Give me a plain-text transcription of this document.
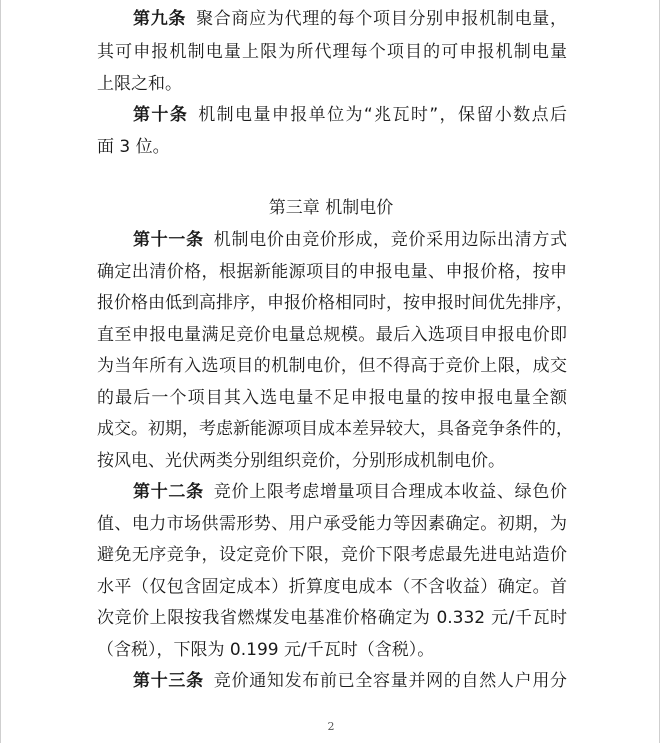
第九条 聚合商应为代理的每个项目分别申报机制电量，
其可申报机制电量上限为所代理每个项目的可申报机制电量
上限之和。
第十条 机制电量申报单位为“兆瓦时”，保留小数点后
面 3 位。
第三章 机制电价
第十一条 机制电价由竞价形成，竞价采用边际出清方式
确定出清价格，根据新能源项目的申报电量、申报价格，按申
报价格由低到高排序，申报价格相同时，按申报时间优先排序，
直至申报电量满足竞价电量总规模。最后入选项目申报电价即
为当年所有入选项目的机制电价，但不得高于竞价上限，成交
的最后一个项目其入选电量不足申报电量的按申报电量全额
成交。初期，考虑新能源项目成本差异较大，具备竞争条件的，
按风电、光伏两类分别组织竞价，分别形成机制电价。
第十二条 竞价上限考虑增量项目合理成本收益、绿色价
值、电力市场供需形势、用户承受能力等因素确定。初期，为
避免无序竞争，设定竞价下限，竞价下限考虑最先进电站造价
水平（仅包含固定成本）折算度电成本（不含收益）确定。首
次竞价上限按我省燃煤发电基准价格确定为 0.332 元/千瓦时
（含税），下限为 0.199 元/千瓦时（含税）。
第十三条 竞价通知发布前已全容量并网的自然人户用分
2
